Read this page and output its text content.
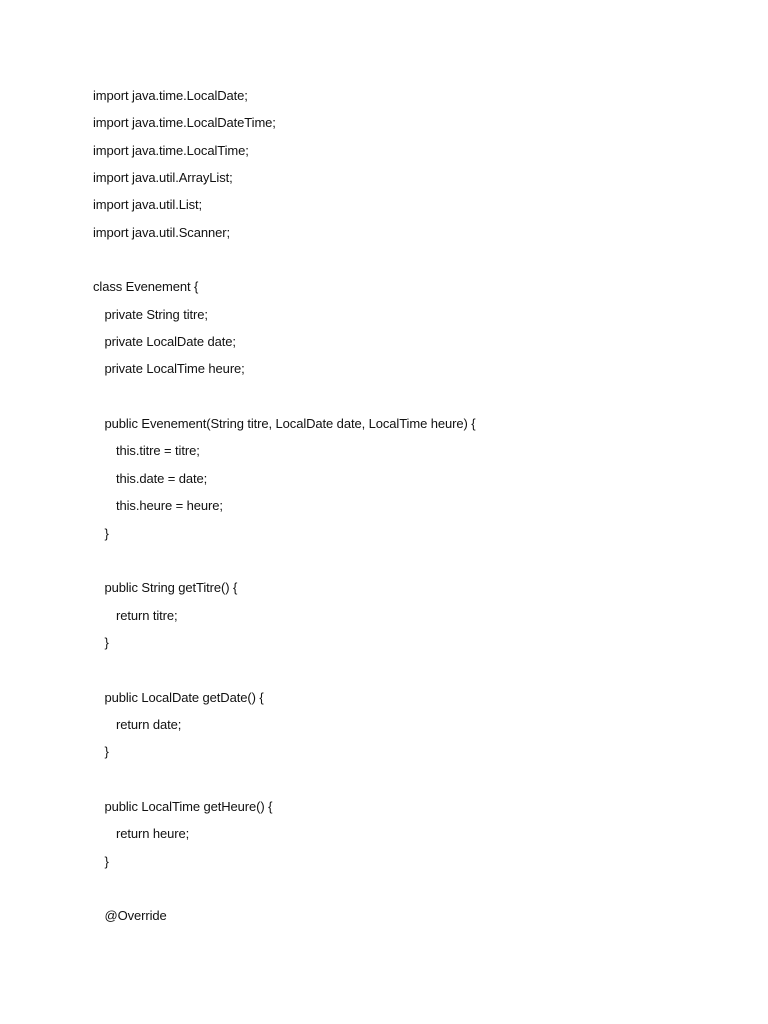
import java.time.LocalDate;
import java.time.LocalDateTime;
import java.time.LocalTime;
import java.util.ArrayList;
import java.util.List;
import java.util.Scanner;
class Evenement {
private String titre;
private LocalDate date;
private LocalTime heure;
public Evenement(String titre, LocalDate date, LocalTime heure) {
this.titre = titre;
this.date = date;
this.heure = heure;
}
public String getTitre() {
return titre;
}
public LocalDate getDate() {
return date;
}
public LocalTime getHeure() {
return heure;
}
@Override
